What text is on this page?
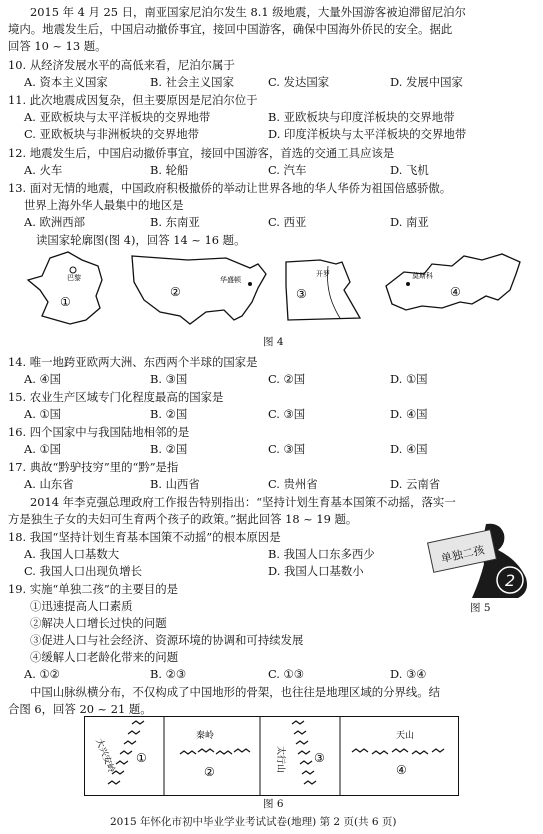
2015 年 4 月 25 日，南亚国家尼泊尔发生 8.1 级地震，大量外国游客被迫滞留尼泊尔
境内。地震发生后，中国启动撤侨事宜，接回中国游客，确保中国海外侨民的安全。据此
回答 10 ~ 13 题。
10. 从经济发展水平的高低来看，尼泊尔属于
A. 资本主义国家	B. 社会主义国家	C. 发达国家	D. 发展中国家
11. 此次地震成因复杂，但主要原因是尼泊尔位于
A. 亚欧板块与太平洋板块的交界地带	B. 亚欧板块与印度洋板块的交界地带
C. 亚欧板块与非洲板块的交界地带	D. 印度洋板块与太平洋板块的交界地带
12. 地震发生后，中国启动撤侨事宜，接回中国游客，首选的交通工具应该是
A. 火车	B. 轮船	C. 汽车	D. 飞机
13. 面对无情的地震，中国政府积极撤侨的举动让世界各地的华人华侨为祖国倍感骄傲。
世界上海外华人最集中的地区是
A. 欧洲西部	B. 东南亚	C. 西亚	D. 南亚
读国家轮廓图(图 4)，回答 14 ~ 16 题。
巴黎
①
华盛顿
②
开罗
③
莫斯科
④
图 4
14. 唯一地跨亚欧两大洲、东西两个半球的国家是
A. ④国	B. ③国	C. ②国	D. ①国
15. 农业生产区域专门化程度最高的国家是
A. ①国	B. ②国	C. ③国	D. ④国
16. 四个国家中与我国陆地相邻的是
A. ①国	B. ②国	C. ③国	D. ④国
17. 典故“黔驴技穷”里的“黔”是指
A. 山东省	B. 山西省	C. 贵州省	D. 云南省
2014 年李克强总理政府工作报告特别指出：“坚持计划生育基本国策不动摇，落实一
方是独生子女的夫妇可生育两个孩子的政策。”据此回答 18 ~ 19 题。
18. 我国“坚持计划生育基本国策不动摇”的根本原因是
A. 我国人口基数大	B. 我国人口东多西少
C. 我国人口出现负增长	D. 我国人口基数小
19. 实施“单独二孩”的主要目的是
①迅速提高人口素质
②解决人口增长过快的问题
③促进人口与社会经济、资源环境的协调和可持续发展
④缓解人口老龄化带来的问题
A. ①②	B. ②③	C. ①③	D. ③④
单独二孩
2
图 5
中国山脉纵横分布，不仅构成了中国地形的骨架，也往往是地理区域的分界线。结
合图 6，回答 20 ~ 21 题。
大兴安岭 ①
秦岭
②	太行山 ③
天山
④
图 6
2015 年怀化市初中毕业学业考试试卷(地理) 第 2 页(共 6 页)
